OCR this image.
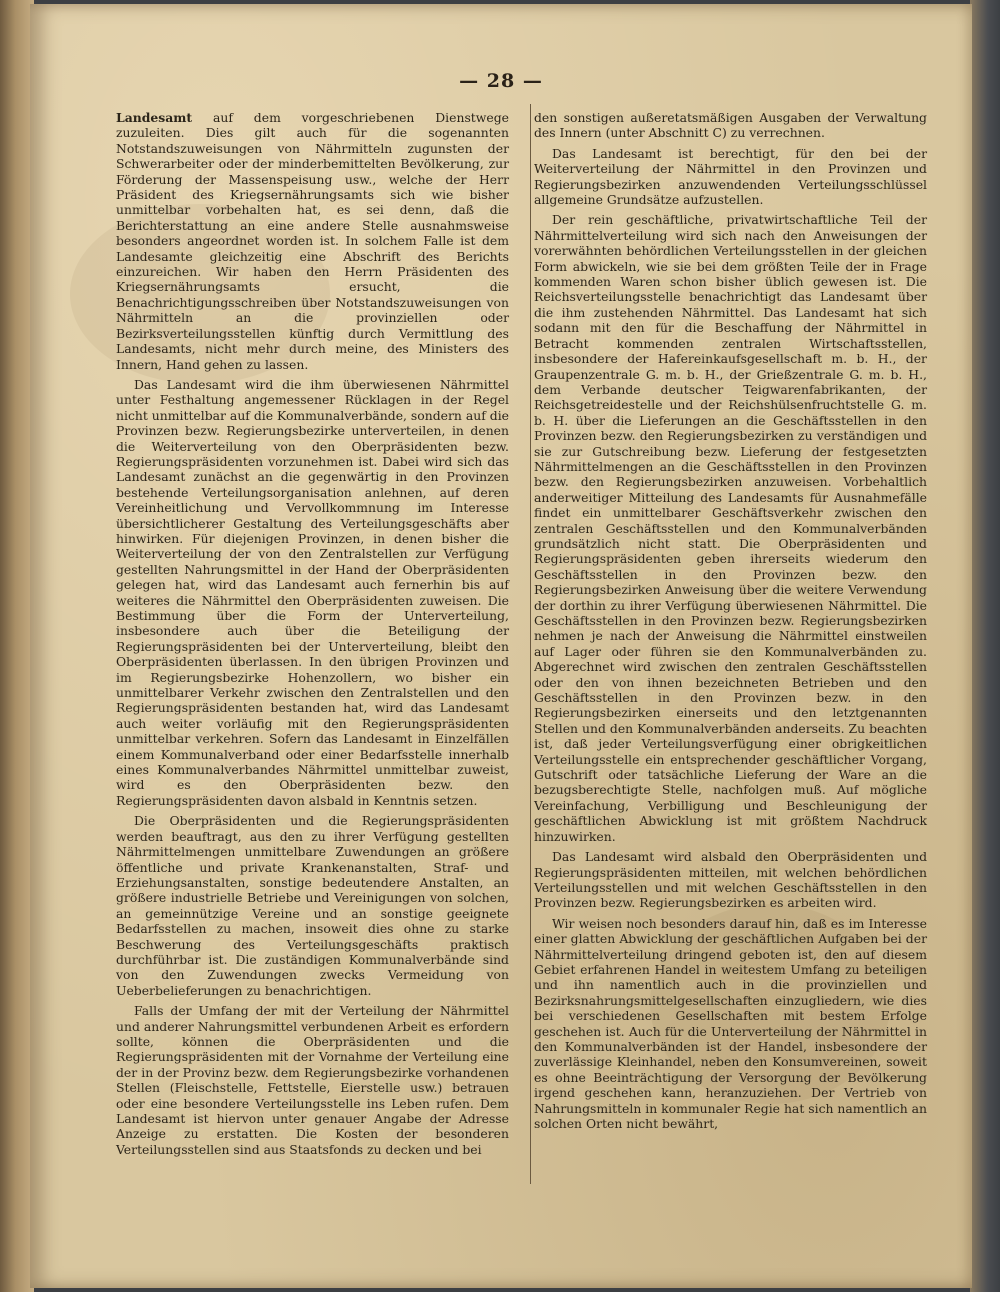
— 28 —

Landesamt auf dem vorgeschriebenen Dienstwege zuzuleiten. Dies gilt auch für die sogenannten Notstandszuweisungen von Nährmitteln zugunsten der Schwerarbeiter oder der minderbemittelten Bevölkerung, zur Förderung der Massenspeisung usw., welche der Herr Präsident des Kriegsernährungsamts sich wie bisher unmittelbar vorbehalten hat, es sei denn, daß die Berichterstattung an eine andere Stelle ausnahmsweise besonders angeordnet worden ist. In solchem Falle ist dem Landesamte gleichzeitig eine Abschrift des Berichts einzureichen. Wir haben den Herrn Präsidenten des Kriegsernährungsamts ersucht, die Benachrichtigungsschreiben über Notstandszuweisungen von Nährmitteln an die provinziellen oder Bezirksverteilungsstellen künftig durch Vermittlung des Landesamts, nicht mehr durch meine, des Ministers des Innern, Hand gehen zu lassen.

Das Landesamt wird die ihm überwiesenen Nährmittel unter Festhaltung angemessener Rücklagen in der Regel nicht unmittelbar auf die Kommunalverbände, sondern auf die Provinzen bezw. Regierungsbezirke unterverteilen, in denen die Weiterverteilung von den Oberpräsidenten bezw. Regierungspräsidenten vorzunehmen ist. Dabei wird sich das Landesamt zunächst an die gegenwärtig in den Provinzen bestehende Verteilungsorganisation anlehnen, auf deren Vereinheitlichung und Vervollkommnung im Interesse übersichtlicherer Gestaltung des Verteilungsgeschäfts aber hinwirken. Für diejenigen Provinzen, in denen bisher die Weiterverteilung der von den Zentralstellen zur Verfügung gestellten Nahrungsmittel in der Hand der Oberpräsidenten gelegen hat, wird das Landesamt auch fernerhin bis auf weiteres die Nährmittel den Oberpräsidenten zuweisen. Die Bestimmung über die Form der Unterverteilung, insbesondere auch über die Beteiligung der Regierungspräsidenten bei der Unterverteilung, bleibt den Oberpräsidenten überlassen. In den übrigen Provinzen und im Regierungsbezirke Hohenzollern, wo bisher ein unmittelbarer Verkehr zwischen den Zentralstellen und den Regierungspräsidenten bestanden hat, wird das Landesamt auch weiter vorläufig mit den Regierungspräsidenten unmittelbar verkehren. Sofern das Landesamt in Einzelfällen einem Kommunalverband oder einer Bedarfsstelle innerhalb eines Kommunalverbandes Nährmittel unmittelbar zuweist, wird es den Oberpräsidenten bezw. den Regierungspräsidenten davon alsbald in Kenntnis setzen.

Die Oberpräsidenten und die Regierungspräsidenten werden beauftragt, aus den zu ihrer Verfügung gestellten Nährmittelmengen unmittelbare Zuwendungen an größere öffentliche und private Krankenanstalten, Straf- und Erziehungsanstalten, sonstige bedeutendere Anstalten, an größere industrielle Betriebe und Vereinigungen von solchen, an gemeinnützige Vereine und an sonstige geeignete Bedarfsstellen zu machen, insoweit dies ohne zu starke Beschwerung des Verteilungsgeschäfts praktisch durchführbar ist. Die zuständigen Kommunalverbände sind von den Zuwendungen zwecks Vermeidung von Ueberbelieferungen zu benachrichtigen.

Falls der Umfang der mit der Verteilung der Nährmittel und anderer Nahrungsmittel verbundenen Arbeit es erfordern sollte, können die Oberpräsidenten und die Regierungspräsidenten mit der Vornahme der Verteilung eine der in der Provinz bezw. dem Regierungsbezirke vorhandenen Stellen (Fleischstelle, Fettstelle, Eierstelle usw.) betrauen oder eine besondere Verteilungsstelle ins Leben rufen. Dem Landesamt ist hiervon unter genauer Angabe der Adresse Anzeige zu erstatten. Die Kosten der besonderen Verteilungsstellen sind aus Staatsfonds zu decken und bei

den sonstigen außeretatsmäßigen Ausgaben der Verwaltung des Innern (unter Abschnitt C) zu verrechnen.

Das Landesamt ist berechtigt, für den bei der Weiterverteilung der Nährmittel in den Provinzen und Regierungsbezirken anzuwendenden Verteilungsschlüssel allgemeine Grundsätze aufzustellen.

Der rein geschäftliche, privatwirtschaftliche Teil der Nährmittelverteilung wird sich nach den Anweisungen der vorerwähnten behördlichen Verteilungsstellen in der gleichen Form abwickeln, wie sie bei dem größten Teile der in Frage kommenden Waren schon bisher üblich gewesen ist. Die Reichsverteilungsstelle benachrichtigt das Landesamt über die ihm zustehenden Nährmittel. Das Landesamt hat sich sodann mit den für die Beschaffung der Nährmittel in Betracht kommenden zentralen Wirtschaftsstellen, insbesondere der Hafereinkaufsgesellschaft m. b. H., der Graupenzentrale G. m. b. H., der Grießzentrale G. m. b. H., dem Verbande deutscher Teigwarenfabrikanten, der Reichsgetreidestelle und der Reichshülsenfruchtstelle G. m. b. H. über die Lieferungen an die Geschäftsstellen in den Provinzen bezw. den Regierungsbezirken zu verständigen und sie zur Gutschreibung bezw. Lieferung der festgesetzten Nährmittelmengen an die Geschäftsstellen in den Provinzen bezw. den Regierungsbezirken anzuweisen. Vorbehaltlich anderweitiger Mitteilung des Landesamts für Ausnahmefälle findet ein unmittelbarer Geschäftsverkehr zwischen den zentralen Geschäftsstellen und den Kommunalverbänden grundsätzlich nicht statt. Die Oberpräsidenten und Regierungspräsidenten geben ihrerseits wiederum den Geschäftsstellen in den Provinzen bezw. den Regierungsbezirken Anweisung über die weitere Verwendung der dorthin zu ihrer Verfügung überwiesenen Nährmittel. Die Geschäftsstellen in den Provinzen bezw. Regierungsbezirken nehmen je nach der Anweisung die Nährmittel einstweilen auf Lager oder führen sie den Kommunalverbänden zu. Abgerechnet wird zwischen den zentralen Geschäftsstellen oder den von ihnen bezeichneten Betrieben und den Geschäftsstellen in den Provinzen bezw. in den Regierungsbezirken einerseits und den letztgenannten Stellen und den Kommunalverbänden anderseits. Zu beachten ist, daß jeder Verteilungsverfügung einer obrigkeitlichen Verteilungsstelle ein entsprechender geschäftlicher Vorgang, Gutschrift oder tatsächliche Lieferung der Ware an die bezugsberechtigte Stelle, nachfolgen muß. Auf mögliche Vereinfachung, Verbilligung und Beschleunigung der geschäftlichen Abwicklung ist mit größtem Nachdruck hinzuwirken.

Das Landesamt wird alsbald den Oberpräsidenten und Regierungspräsidenten mitteilen, mit welchen behördlichen Verteilungsstellen und mit welchen Geschäftsstellen in den Provinzen bezw. Regierungsbezirken es arbeiten wird.

Wir weisen noch besonders darauf hin, daß es im Interesse einer glatten Abwicklung der geschäftlichen Aufgaben bei der Nährmittelverteilung dringend geboten ist, den auf diesem Gebiet erfahrenen Handel in weitestem Umfang zu beteiligen und ihn namentlich auch in die provinziellen und Bezirksnahrungsmittelgesellschaften einzugliedern, wie dies bei verschiedenen Gesellschaften mit bestem Erfolge geschehen ist. Auch für die Unterverteilung der Nährmittel in den Kommunalverbänden ist der Handel, insbesondere der zuverlässige Kleinhandel, neben den Konsumvereinen, soweit es ohne Beeinträchtigung der Versorgung der Bevölkerung irgend geschehen kann, heranzuziehen. Der Vertrieb von Nahrungsmitteln in kommunaler Regie hat sich namentlich an solchen Orten nicht bewährt,
